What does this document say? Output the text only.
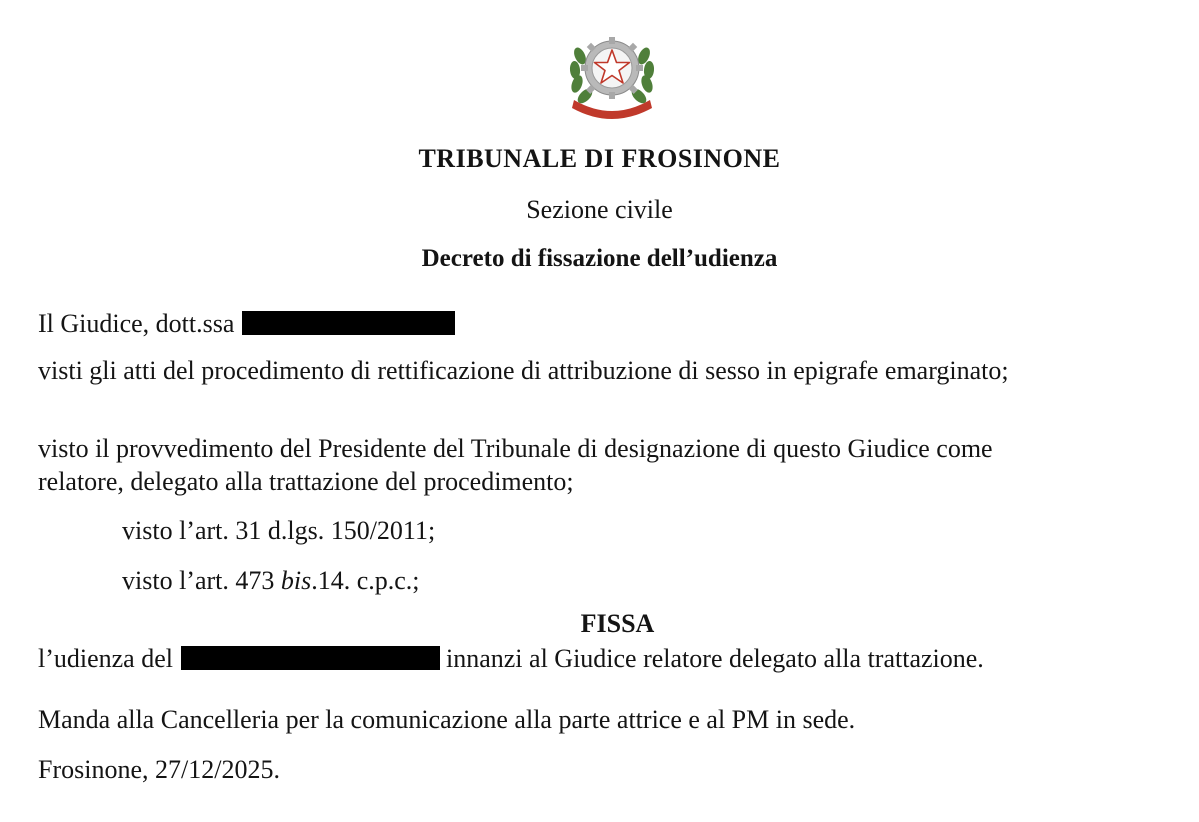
TRIBUNALE DI FROSINONE
Sezione civile
Decreto di fissazione dell’udienza
Il Giudice, dott.ssa
visti gli atti del procedimento di rettificazione di attribuzione di sesso in epigrafe emarginato;
visto il provvedimento del Presidente del Tribunale di designazione di questo Giudice come
relatore, delegato alla trattazione del procedimento;
visto l’art. 31 d.lgs. 150/2011;
visto l’art. 473 bis.14. c.p.c.;
FISSA
l’udienza del	innanzi al Giudice relatore delegato alla trattazione.
Manda alla Cancelleria per la comunicazione alla parte attrice e al PM in sede.
Frosinone, 27/12/2025.
